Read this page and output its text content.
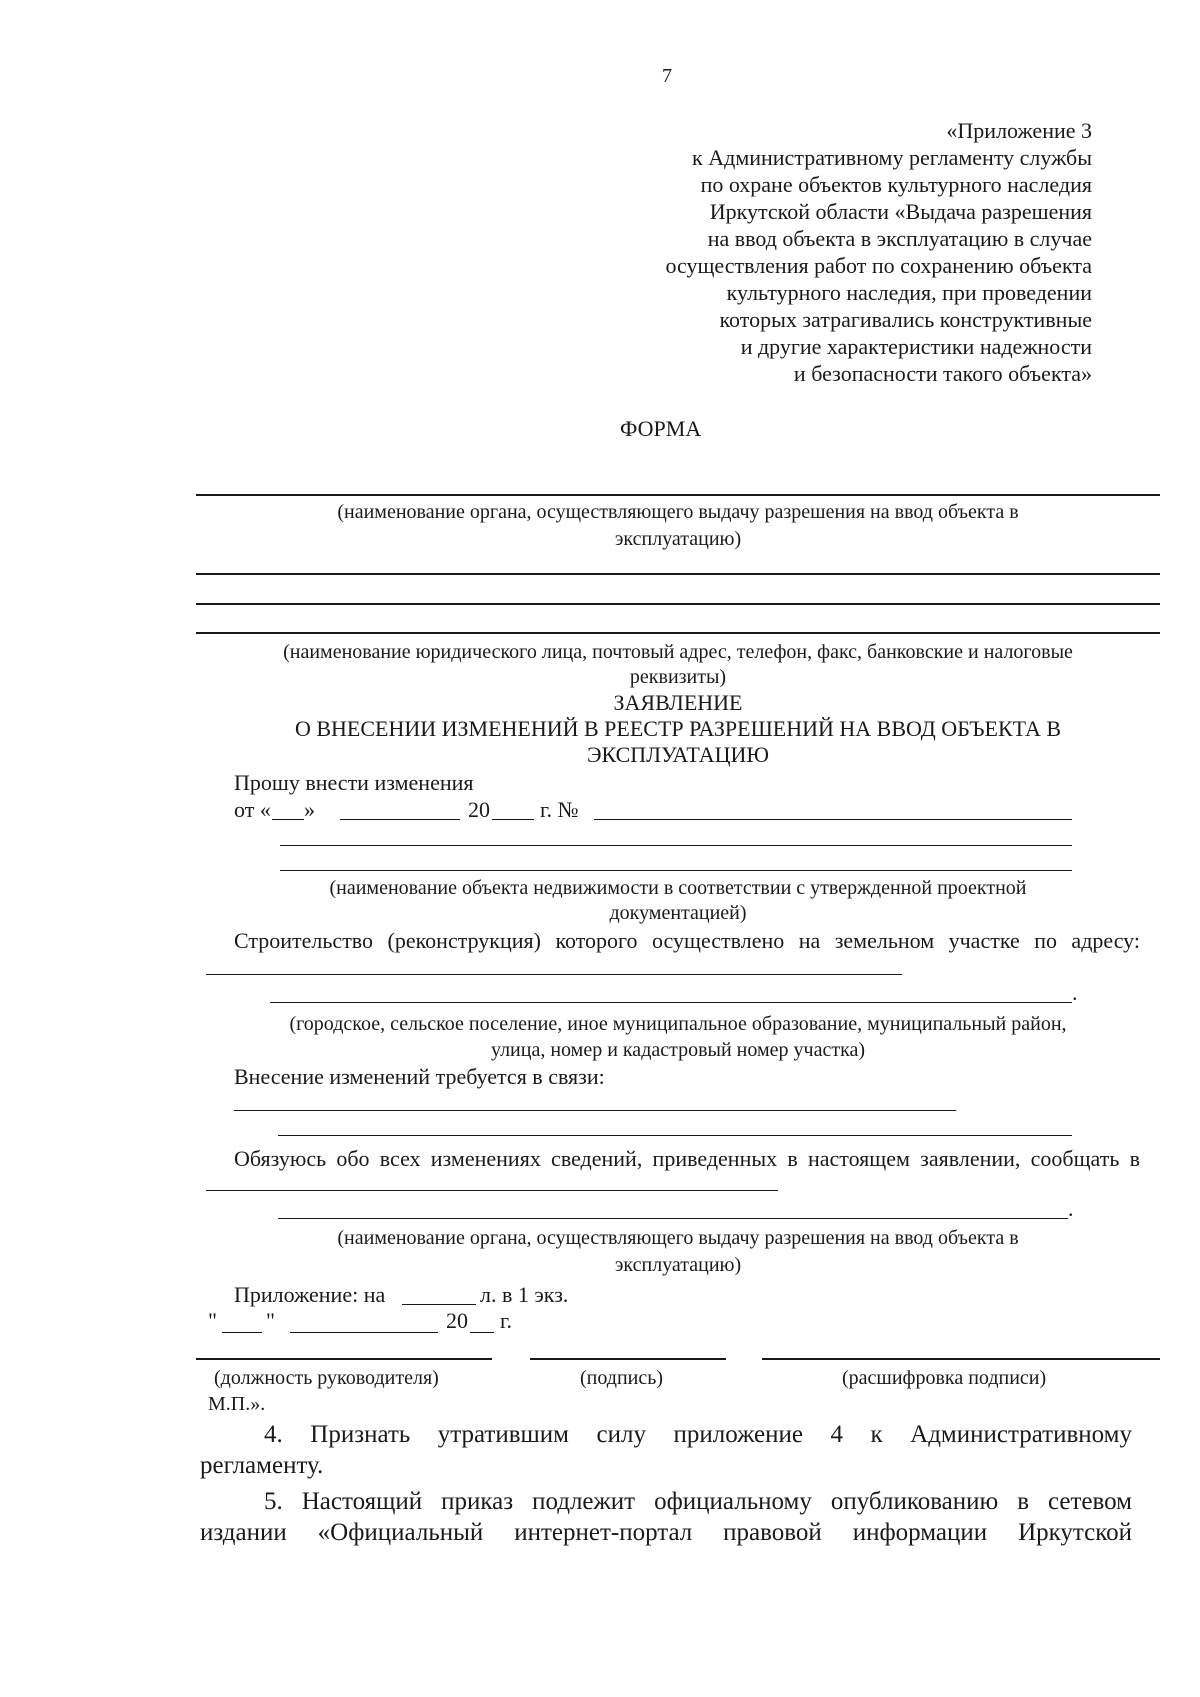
7
«Приложение 3
к Административному регламенту службы
по охране объектов культурного наследия
Иркутской области «Выдача разрешения
на ввод объекта в эксплуатацию в случае
осуществления работ по сохранению объекта
культурного наследия, при проведении
которых затрагивались конструктивные
и другие характеристики надежности
и безопасности такого объекта»
ФОРМА
(наименование органа, осуществляющего выдачу разрешения на ввод объекта в
эксплуатацию)
(наименование юридического лица, почтовый адрес, телефон, факс, банковские и налоговые
реквизиты)
ЗАЯВЛЕНИЕ
О ВНЕСЕНИИ ИЗМЕНЕНИЙ В РЕЕСТР РАЗРЕШЕНИЙ НА ВВОД ОБЪЕКТА В
ЭКСПЛУАТАЦИЮ
Прошу внести изменения
от « »	20 г. №
(наименование объекта недвижимости в соответствии с утвержденной проектной
документацией)
Строительство (реконструкция) которого осуществлено на земельном участке по адресу:
.
(городское, сельское поселение, иное муниципальное образование, муниципальный район,
улица, номер и кадастровый номер участка)
Внесение изменений требуется в связи:
Обязуюсь обо всех изменениях сведений, приведенных в настоящем заявлении, сообщать в
.
(наименование органа, осуществляющего выдачу разрешения на ввод объекта в
эксплуатацию)
Приложение: на	л. в 1 экз.
" "	20 г.
(должность руководителя)	(подпись)	(расшифровка подписи)
М.П.».
4. Признать утратившим силу приложение 4 к Административному
регламенту.
5. Настоящий приказ подлежит официальному опубликованию в сетевом
издании «Официальный интернет-портал правовой информации Иркутской
